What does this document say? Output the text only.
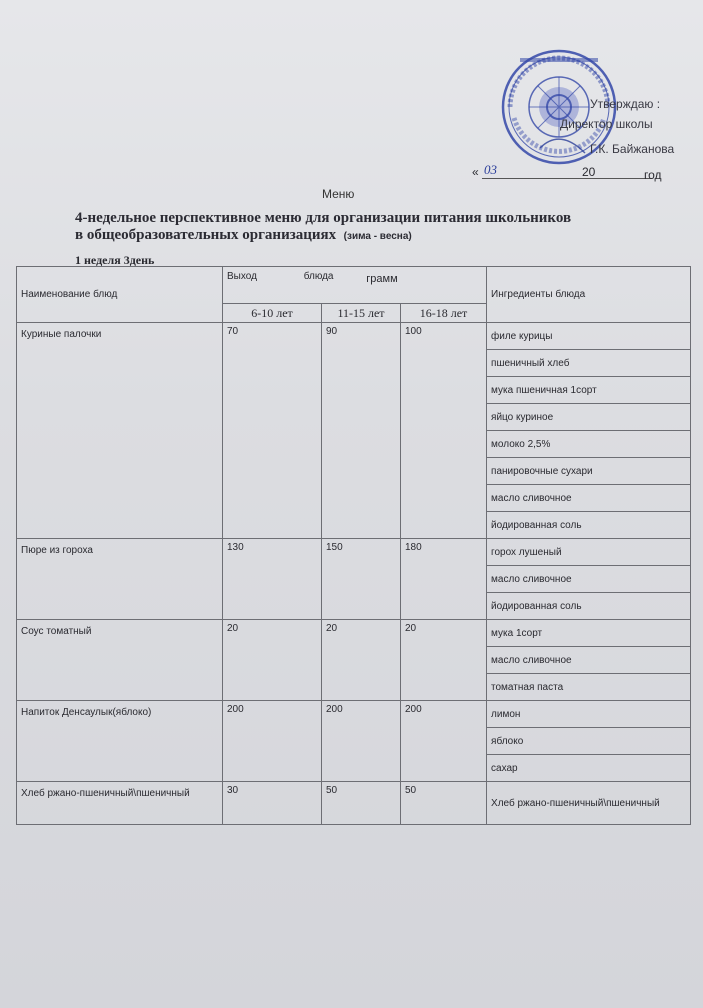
Утверждаю :
Директор школы
Г.К. Байжанова
« 03	20	год
Меню
4-недельное перспективное меню для организации питания школьников
в общеобразовательных организациях (зима - весна)
1 неделя 3день
Наименование блюд	Выход блюда грамм			Ингредиенты блюда
	6-10 лет	11-15 лет	16-18 лет	
Куриные палочки	70	90	100	филе курицы
				пшеничный хлеб
				мука пшеничная 1сорт
				яйцо куриное
				молоко 2,5%
				панировочные сухари
				масло сливочное
				йодированная соль
Пюре из гороха	130	150	180	горох лушеный
				масло сливочное
				йодированная соль
Соус томатный	20	20	20	мука 1сорт
				масло сливочное
				томатная паста
Напиток Денсаулык(яблоко)	200	200	200	лимон
				яблоко
				сахар
Хлеб ржано-пшеничный\пшеничный	30	50	50	Хлеб ржано-пшеничный\пшеничный
